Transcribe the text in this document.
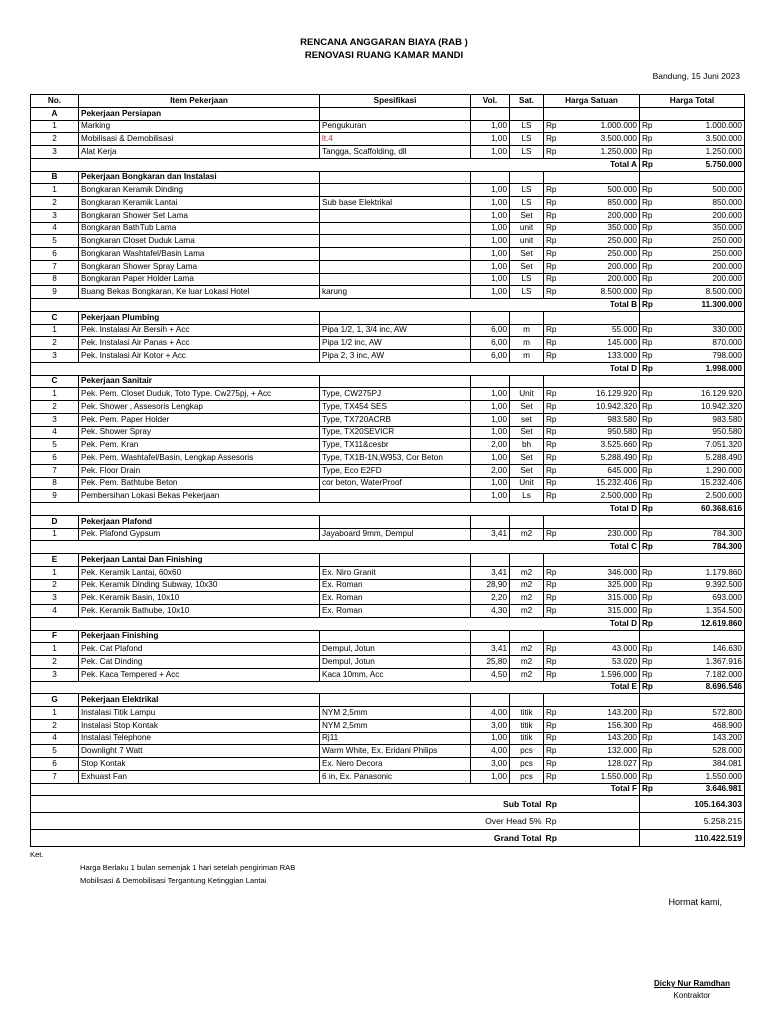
RENCANA ANGGARAN BIAYA (RAB )
RENOVASI RUANG KAMAR MANDI
Bandung, 15 Juni 2023
No.	Item Pekerjaan	Spesifikasi	Vol.	Sat.	Harga Satuan		Harga Total	
A	Pekerjaan Persiapan							
1	Marking	Pengukuran	1,00	LS	Rp	1.000.000	Rp	1.000.000
2	Mobilisasi & Demobilisasi	lt.4	1,00	LS	Rp	3.500.000	Rp	3.500.000
3	Alat Kerja	Tangga, Scaffolding, dll	1,00	LS	Rp	1.250.000	Rp	1.250.000
Total A							Rp	5.750.000
B	Pekerjaan Bongkaran dan Instalasi							
1	Bongkaran Keramik Dinding		1,00	LS	Rp	500.000	Rp	500.000
2	Bongkaran Keramik Lantai	Sub base Elektrikal	1,00	LS	Rp	850.000	Rp	850.000
3	Bongkaran Shower Set Lama		1,00	Set	Rp	200.000	Rp	200.000
4	Bongkaran BathTub Lama		1,00	unit	Rp	350.000	Rp	350.000
5	Bongkaran Closet Duduk Lama		1,00	unit	Rp	250.000	Rp	250.000
6	Bongkaran Washtafel/Basin Lama		1,00	Set	Rp	250.000	Rp	250.000
7	Bongkaran Shower Spray Lama		1,00	Set	Rp	200.000	Rp	200.000
8	Bongkaran Paper Holder Lama		1,00	LS	Rp	200.000	Rp	200.000
9	Buang Bekas Bongkaran, Ke luar Lokasi Hotel	karung	1,00	LS	Rp	8.500.000	Rp	8.500.000
Total B							Rp	11.300.000
C	Pekerjaan Plumbing							
1	Pek. Instalasi Air Bersih + Acc	Pipa 1/2, 1, 3/4 inc, AW	6,00	m	Rp	55.000	Rp	330.000
2	Pek. Instalasi Air Panas + Acc	Pipa 1/2 inc, AW	6,00	m	Rp	145.000	Rp	870.000
3	Pek. Instalasi Air Kotor + Acc	Pipa 2, 3 inc, AW	6,00	m	Rp	133.000	Rp	798.000
Total D							Rp	1.998.000
C	Pekerjaan Sanitair							
1	Pek. Pem. Closet Duduk, Toto Type. Cw275pj, + Acc	Type, CW275PJ	1,00	Unit	Rp	16.129.920	Rp	16.129.920
2	Pek. Shower , Assesoris Lengkap	Type, TX454 SES	1,00	Set	Rp	10.942.320	Rp	10.942.320
3	Pek. Pem. Paper Holder	Type, TX720ACRB	1,00	set	Rp	983.580	Rp	983.580
4	Pek. Shower Spray	Type, TX20SEVICR	1,00	Set	Rp	950.580	Rp	950.580
5	Pek. Pem. Kran	Type, TX11&cesbr	2,00	bh	Rp	3.525.660	Rp	7.051.320
6	Pek. Pem. Washtafel/Basin, Lengkap Assesoris	Type, TX1B-1N,W953, Cor Beton	1,00	Set	Rp	5.288.490	Rp	5.288.490
7	Pek. Floor Drain	Type, Eco E2FD	2,00	Set	Rp	645.000	Rp	1.290.000
8	Pek. Pem. Bathtube Beton	cor beton, WaterProof	1,00	Unit	Rp	15.232.406	Rp	15.232.406
9	Pembersihan Lokasi Bekas Pekerjaan		1,00	Ls	Rp	2.500.000	Rp	2.500.000
Total D							Rp	60.368.616
D	Pekerjaan Plafond							
1	Pek. Plafond Gypsum	Jayaboard 9mm, Dempul	3,41	m2	Rp	230.000	Rp	784.300
Total C							Rp	784.300
E	Pekerjaan Lantai Dan Finishing							
1	Pek. Keramik Lantai, 60x60	Ex. Niro Granit	3,41	m2	Rp	346.000	Rp	1.179.860
2	Pek. Keramik Dinding Subway, 10x30	Ex. Roman	28,90	m2	Rp	325.000	Rp	9.392.500
3	Pek. Keramik Basin, 10x10	Ex. Roman	2,20	m2	Rp	315.000	Rp	693.000
4	Pek. Keramik Bathube, 10x10	Ex. Roman	4,30	m2	Rp	315.000	Rp	1.354.500
Total D							Rp	12.619.860
F	Pekerjaan Finishing							
1	Pek. Cat Plafond	Dempul, Jotun	3,41	m2	Rp	43.000	Rp	146.630
2	Pek. Cat Dinding	Dempul, Jotun	25,80	m2	Rp	53.020	Rp	1.367.916
3	Pek. Kaca Tempered + Acc	Kaca 10mm, Acc	4,50	m2	Rp	1.596.000	Rp	7.182.000
Total E							Rp	8.696.546
G	Pekerjaan Elektrikal							
1	Instalasi Titik Lampu	NYM 2,5mm	4,00	titik	Rp	143.200	Rp	572.800
2	Instalasi Stop Kontak	NYM 2,5mm	3,00	titik	Rp	156.300	Rp	468.900
4	Instalasi Telephone	Rj11	1,00	titik	Rp	143.200	Rp	143.200
5	Downlight 7 Watt	Warm White, Ex. Eridani Philips	4,00	pcs	Rp	132.000	Rp	528.000
6	Stop Kontak	Ex. Nero Decora	3,00	pcs	Rp	128.027	Rp	384.081
7	Exhuast Fan	6 in, Ex. Panasonic	1,00	pcs	Rp	1.550.000	Rp	1.550.000
Total F							Rp	3.646.981
Sub Total					Rp		105.164.303	
Over Head 5%					Rp		5.258.215	
Grand Total					Rp		110.422.519	
Ket.
Harga Berlaku 1 bulan semenjak 1 hari setelah pengiriman RAB
Mobilisasi & Demobilisasi Tergantung Ketinggian Lantai
Hormat kami,
Dicky Nur Ramdhan
Kontraktor
